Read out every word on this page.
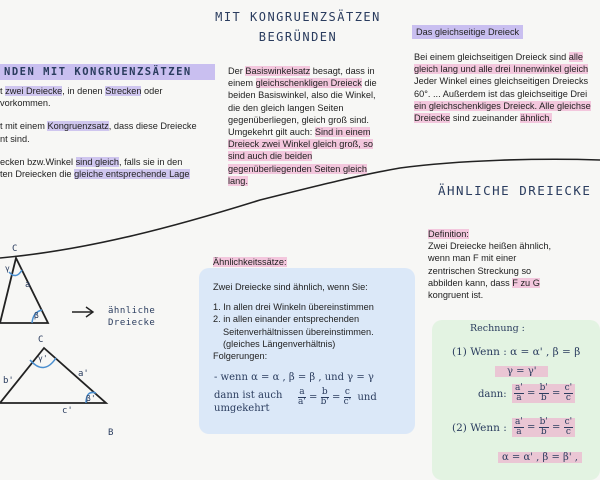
NDEN MIT KONGRUENZSÄTZEN
t zwei Dreiecke, in denen Strecken oder
vorkommen.
t mit einem Kongruenzsatz, dass diese Dreiecke
nt sind.
ecken bzw.Winkel sind gleich, falls sie in den
ten Dreiecken die gleiche entsprechende Lage
MIT KONGRUENZSÄTZEN
BEGRÜNDEN
Der Basiswinkelsatz besagt, dass in
einem gleichschenkligen Dreieck die
beiden Basiswinkel, also die Winkel,
die den gleich langen Seiten
gegenüberliegen, gleich groß sind.
Umgekehrt gilt auch: Sind in einem
Dreieck zwei Winkel gleich groß, so
sind auch die beiden
gegenüberliegenden Seiten gleich
lang.
Das gleichseitige Dreieck
Bei einem gleichseitigen Dreieck sind alle
gleich lang und alle drei Innenwinkel gleich
Jeder Winkel eines gleichseitigen Dreiecks
60°. ... Außerdem ist das gleichseitige Drei
ein gleichschenkliges Dreieck. Alle gleichse
Dreiecke sind zueinander ähnlich.
ÄHNLICHE DREIECKE
Definition:
Zwei Dreiecke heißen ähnlich,
wenn man F mit einer
zentrischen Streckung so
abbilden kann, dass F zu G
kongruent ist.
Ähnlichkeitssätze:
Zwei Dreiecke sind ähnlich, wenn Sie:
1. In allen drei Winkeln übereinstimmen
2. in allen einander entsprechenden
Seitenverhältnissen übereinstimmen.
(gleiches Längenverhältnis)
Folgerungen:
- wenn α = α , β = β , und γ = γ
dann ist auch
umgekehrt
$\frac{a}{a'} = \frac{b}{b'} = \frac{c}{c'}$ und
Rechnung :
(1) Wenn : α = α' , β = β
γ = γ'
dann: $\frac{a'}{a} = \frac{b'}{b} = \frac{c'}{c}$
(2) Wenn : $\frac{a'}{a} = \frac{b'}{b} = \frac{c'}{c}$
α = α' , β = β' ,
ähnliche
Dreiecke
C
γ
a
β
C
γ'
a'
b'
β'
c'
B
